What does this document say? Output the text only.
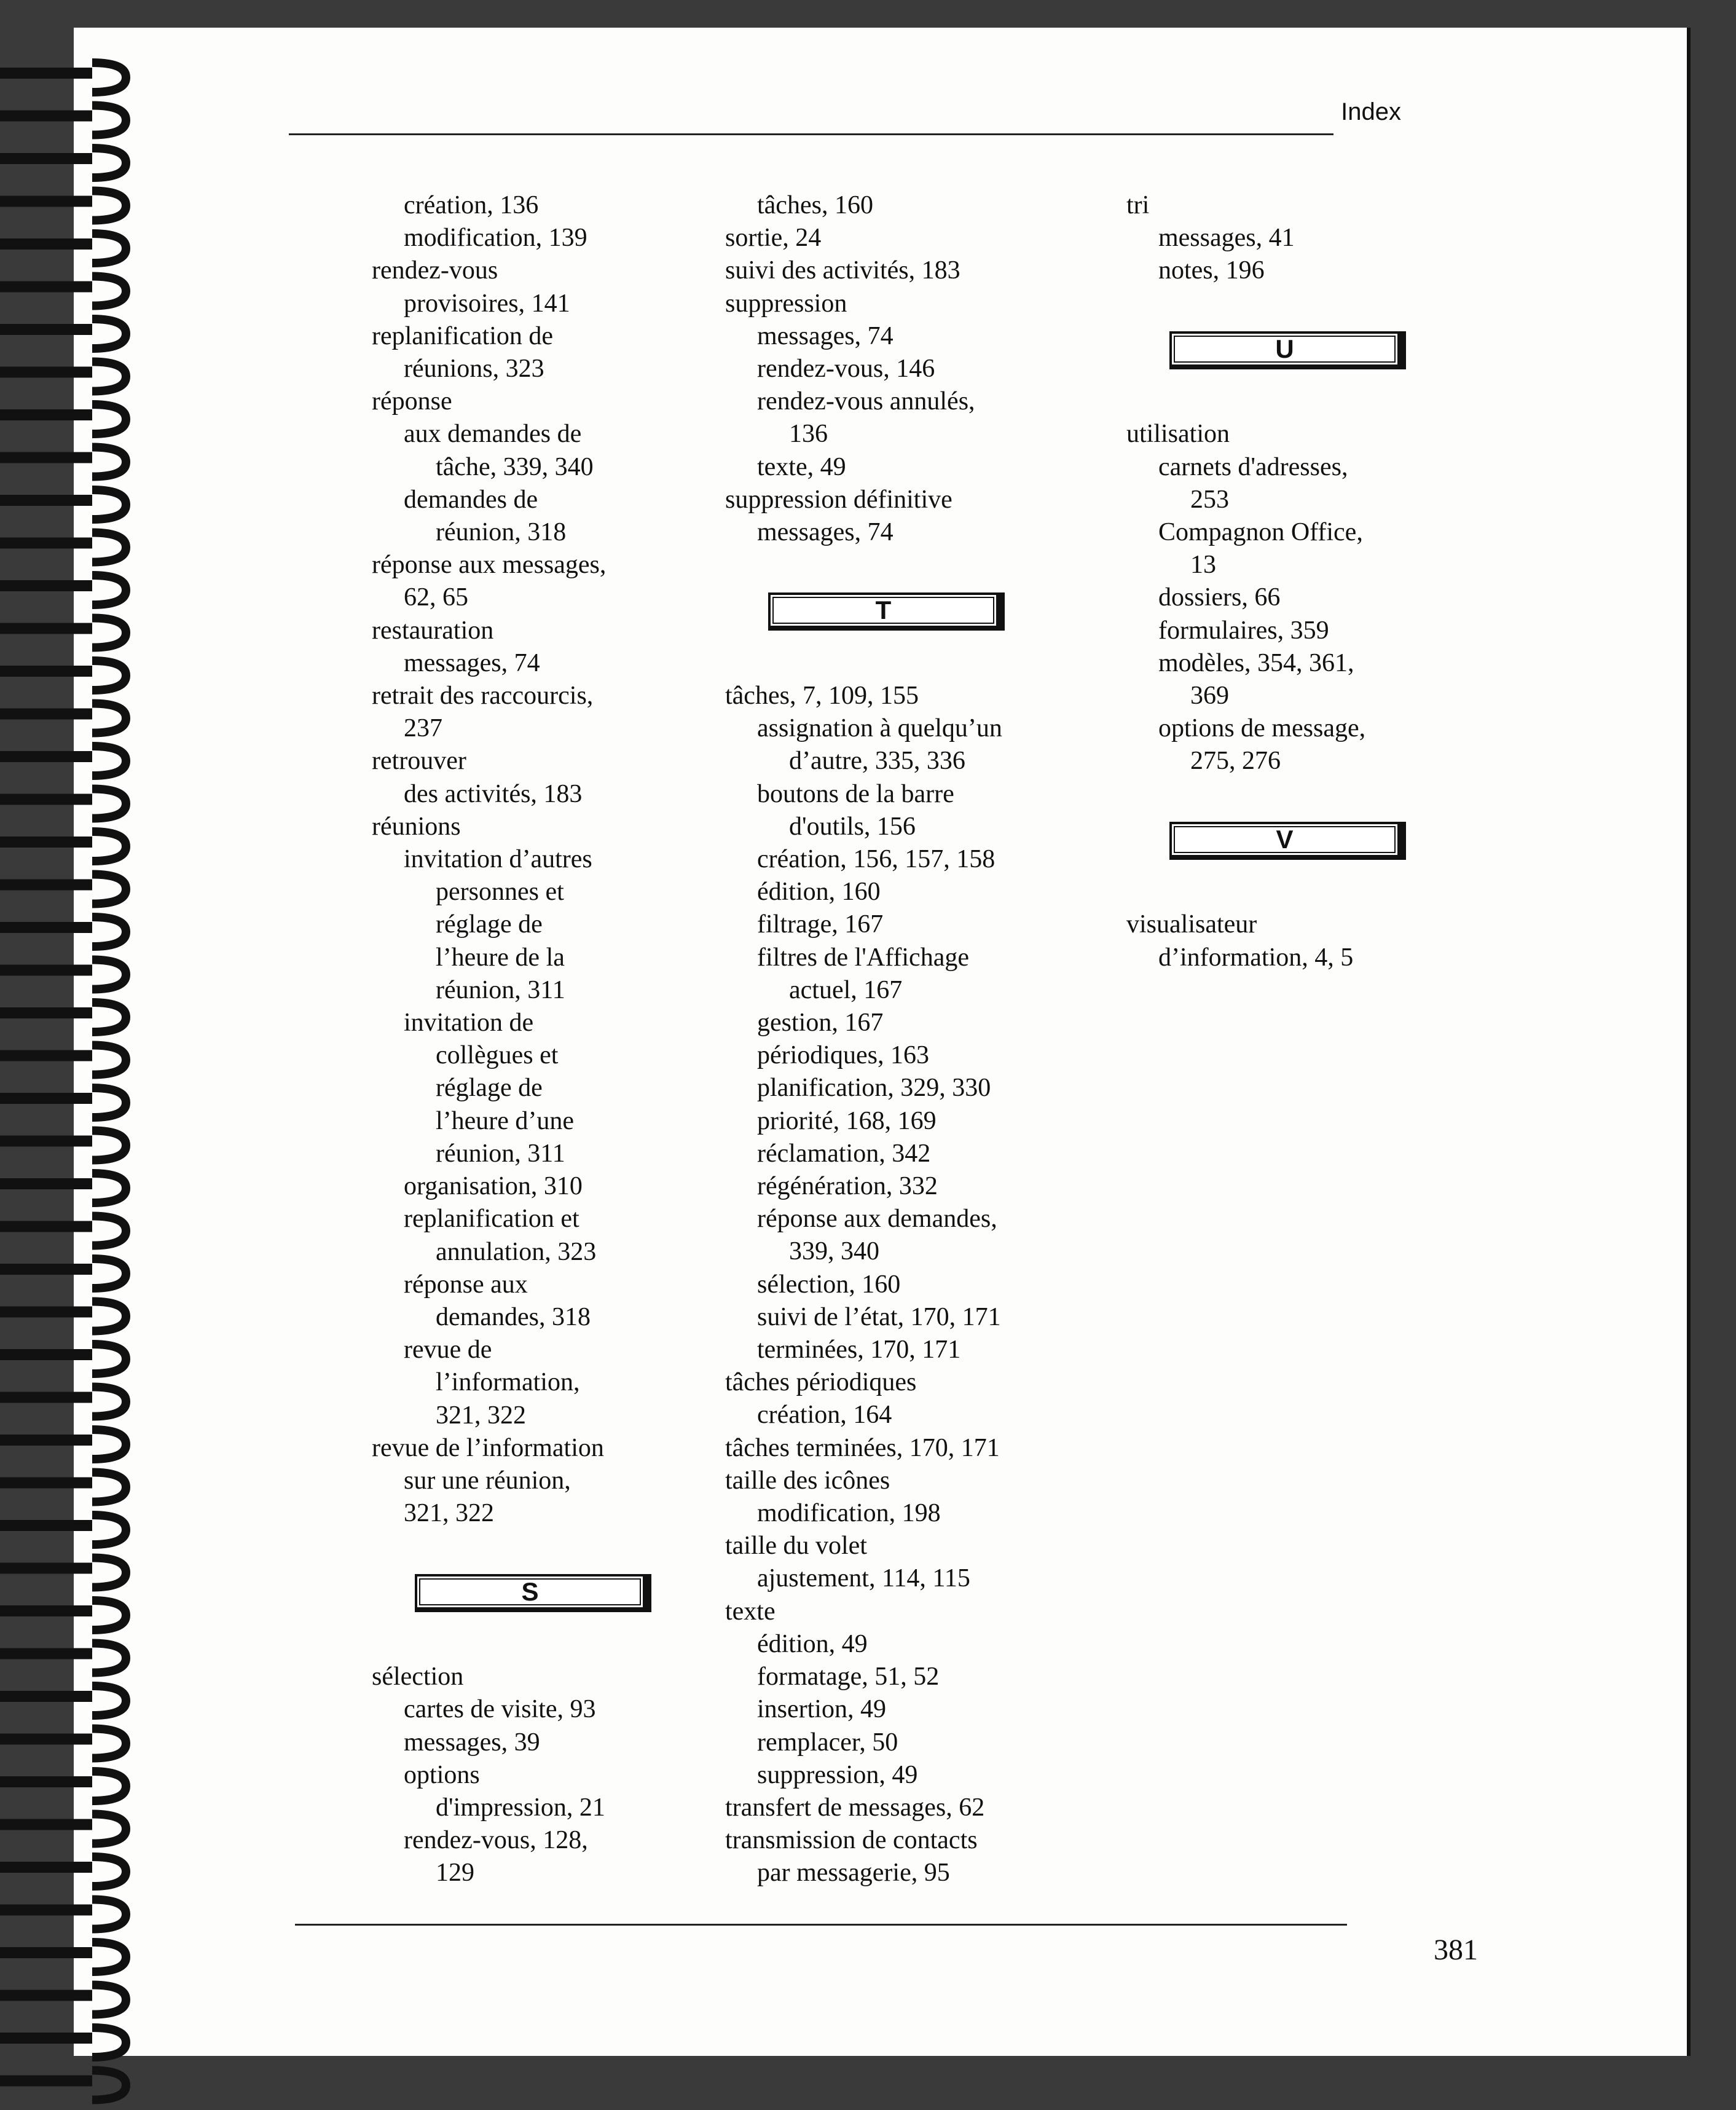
Index
création, 136
modification, 139
rendez-vous
provisoires, 141
replanification de
réunions, 323
réponse
aux demandes de
tâche, 339, 340
demandes de
réunion, 318
réponse aux messages,
62, 65
restauration
messages, 74
retrait des raccourcis,
237
retrouver
des activités, 183
réunions
invitation d’autres
personnes et
réglage de
l’heure de la
réunion, 311
invitation de
collègues et
réglage de
l’heure d’une
réunion, 311
organisation, 310
replanification et
annulation, 323
réponse aux
demandes, 318
revue de
l’information,
321, 322
revue de l’information
sur une réunion,
321, 322
S
sélection
cartes de visite, 93
messages, 39
options
d'impression, 21
rendez-vous, 128,
129
tâches, 160
sortie, 24
suivi des activités, 183
suppression
messages, 74
rendez-vous, 146
rendez-vous annulés,
136
texte, 49
suppression définitive
messages, 74
T
tâches, 7, 109, 155
assignation à quelqu’un
d’autre, 335, 336
boutons de la barre
d'outils, 156
création, 156, 157, 158
édition, 160
filtrage, 167
filtres de l'Affichage
actuel, 167
gestion, 167
périodiques, 163
planification, 329, 330
priorité, 168, 169
réclamation, 342
régénération, 332
réponse aux demandes,
339, 340
sélection, 160
suivi de l’état, 170, 171
terminées, 170, 171
tâches périodiques
création, 164
tâches terminées, 170, 171
taille des icônes
modification, 198
taille du volet
ajustement, 114, 115
texte
édition, 49
formatage, 51, 52
insertion, 49
remplacer, 50
suppression, 49
transfert de messages, 62
transmission de contacts
par messagerie, 95
tri
messages, 41
notes, 196
U
utilisation
carnets d'adresses,
253
Compagnon Office,
13
dossiers, 66
formulaires, 359
modèles, 354, 361,
369
options de message,
275, 276
V
visualisateur
d’information, 4, 5
381
